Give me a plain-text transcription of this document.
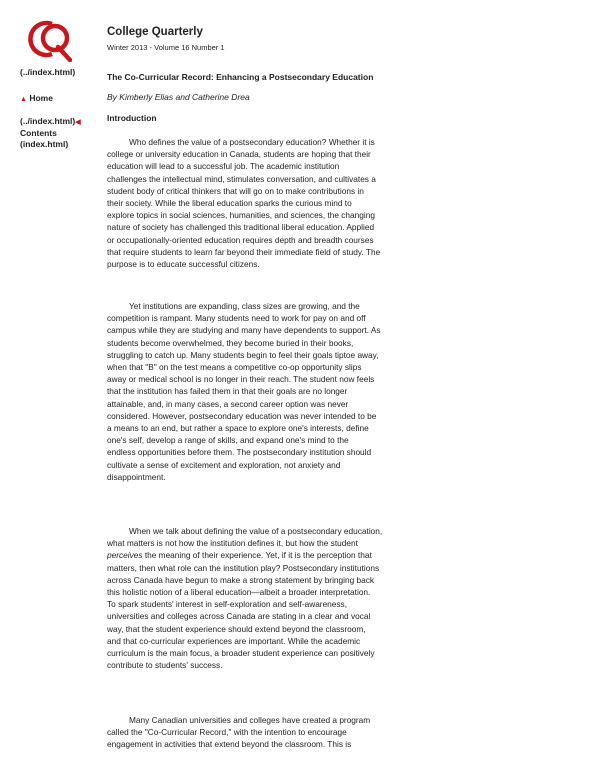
(../index.html)
▲ Home
(../index.html)◀
Contents
(index.html)
College Quarterly
Winter 2013 - Volume 16 Number 1
The Co-Curricular Record: Enhancing a Postsecondary Education
By Kimberly Elias and Catherine Drea
Introduction
Who defines the value of a postsecondary education? Whether it is
college or university education in Canada, students are hoping that their
education will lead to a successful job. The academic institution
challenges the intellectual mind, stimulates conversation, and cultivates a
student body of critical thinkers that will go on to make contributions in
their society. While the liberal education sparks the curious mind to
explore topics in social sciences, humanities, and sciences, the changing
nature of society has challenged this traditional liberal education. Applied
or occupationally-oriented education requires depth and breadth courses
that require students to learn far beyond their immediate field of study. The
purpose is to educate successful citizens.
Yet institutions are expanding, class sizes are growing, and the
competition is rampant. Many students need to work for pay on and off
campus while they are studying and many have dependents to support. As
students become overwhelmed, they become buried in their books,
struggling to catch up. Many students begin to feel their goals tiptoe away,
when that "B" on the test means a competitive co-op opportunity slips
away or medical school is no longer in their reach. The student now feels
that the institution has failed them in that their goals are no longer
attainable, and, in many cases, a second career option was never
considered. However, postsecondary education was never intended to be
a means to an end, but rather a space to explore one's interests, define
one's self, develop a range of skills, and expand one's mind to the
endless opportunities before them. The postsecondary institution should
cultivate a sense of excitement and exploration, not anxiety and
disappointment.
When we talk about defining the value of a postsecondary education,
what matters is not how the institution defines it, but how the student
perceives the meaning of their experience. Yet, if it is the perception that
matters, then what role can the institution play? Postsecondary institutions
across Canada have begun to make a strong statement by bringing back
this holistic notion of a liberal education—albeit a broader interpretation.
To spark students' interest in self-exploration and self-awareness,
universities and colleges across Canada are stating in a clear and vocal
way, that the student experience should extend beyond the classroom,
and that co-curricular experiences are important. While the academic
curriculum is the main focus, a broader student experience can positively
contribute to students' success.
Many Canadian universities and colleges have created a program
called the "Co-Curricular Record," with the intention to encourage
engagement in activities that extend beyond the classroom. This is
